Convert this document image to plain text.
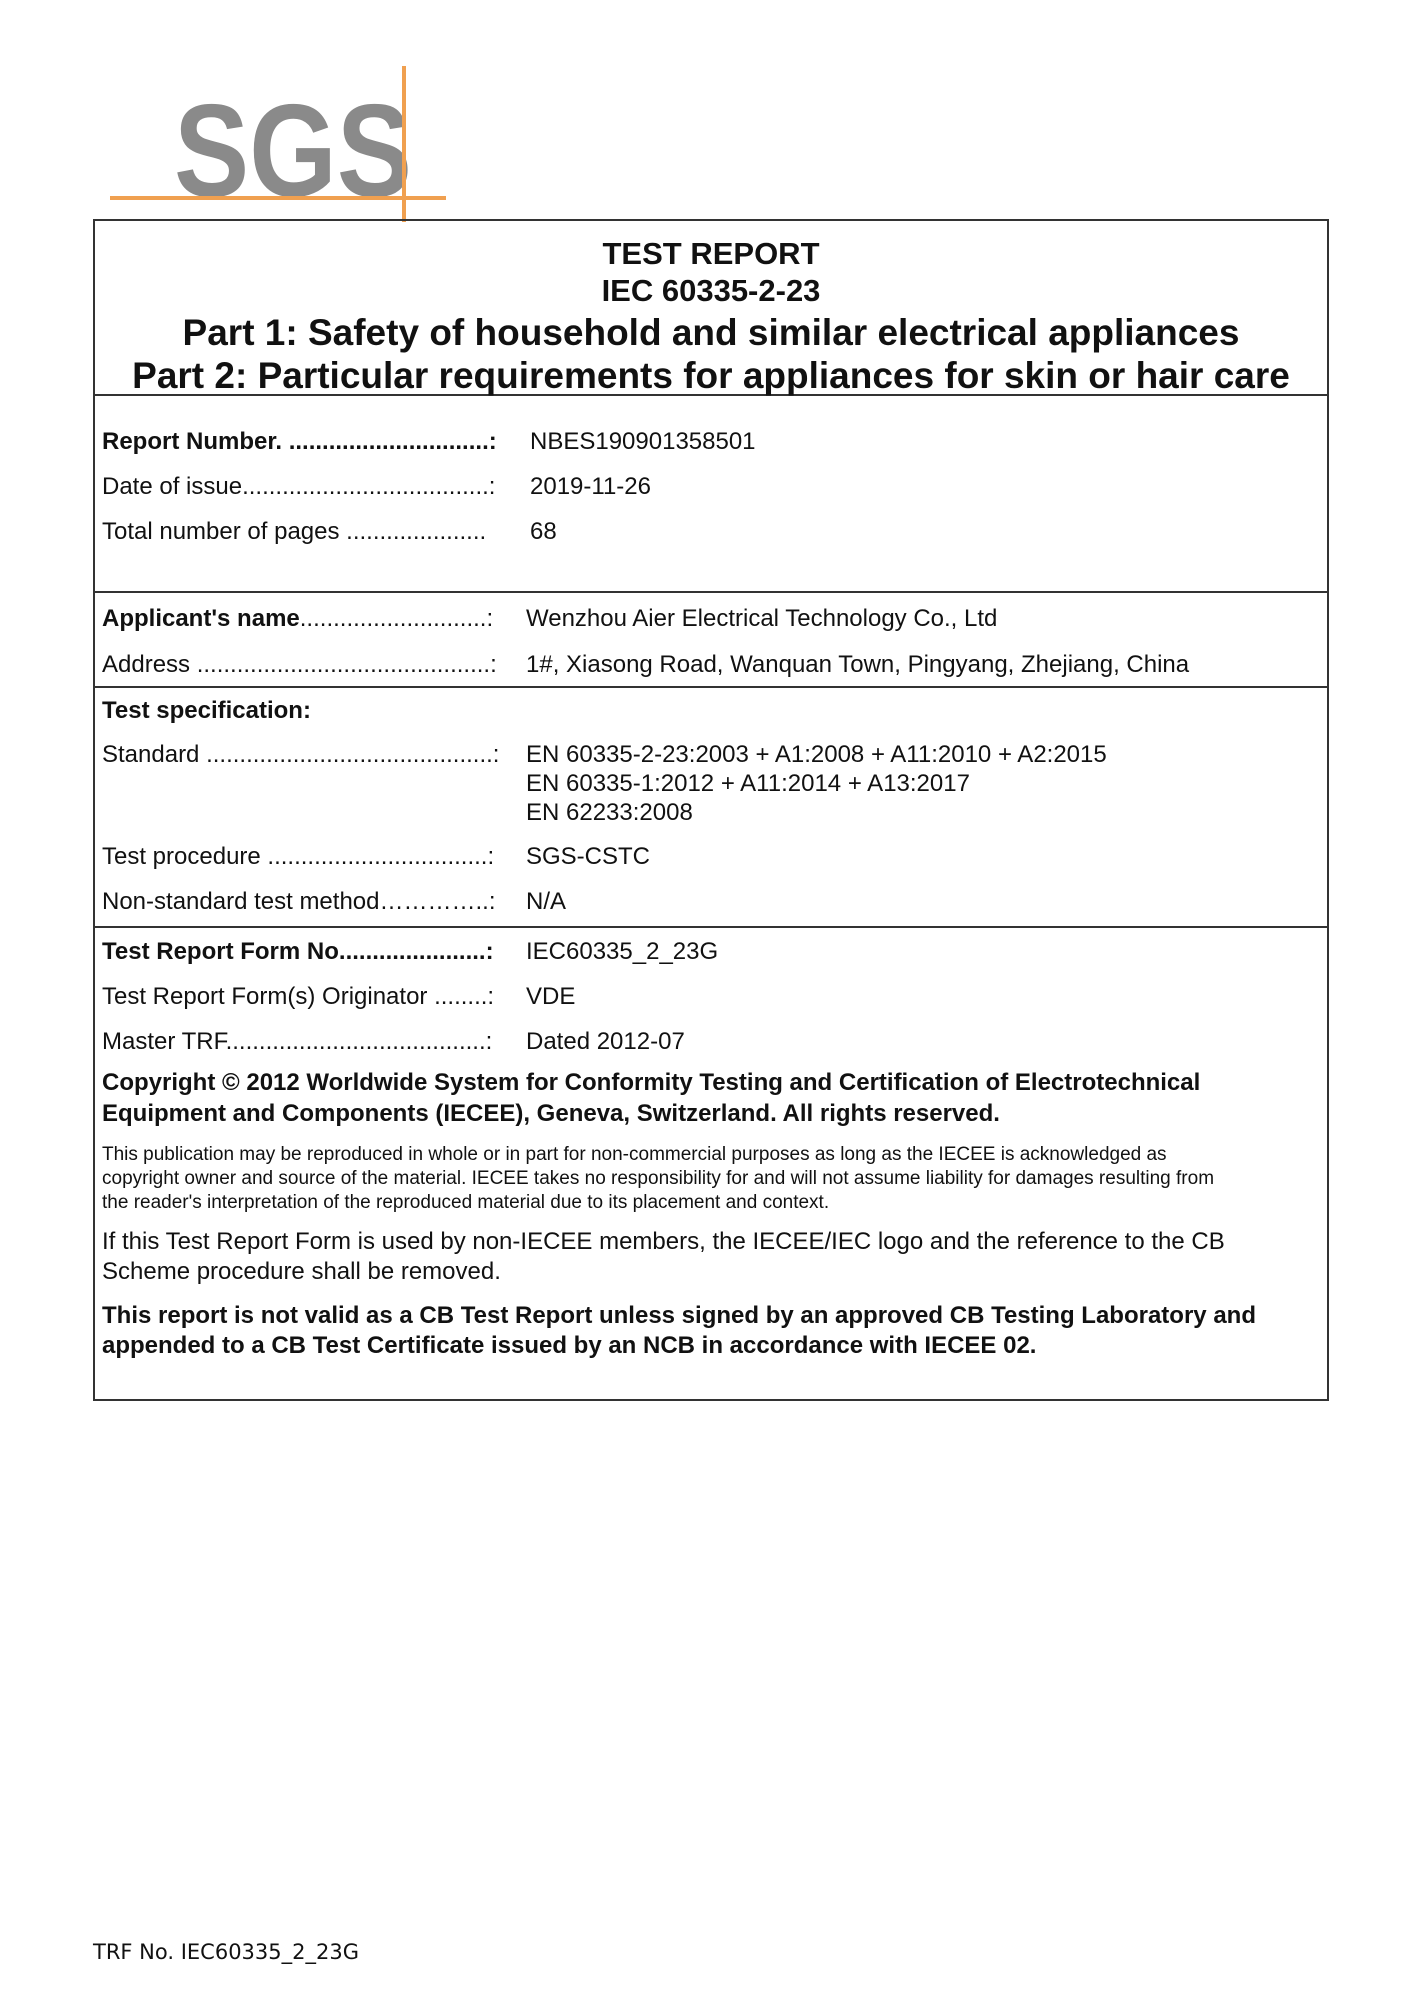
SGS
TEST REPORT
IEC 60335-2-23
Part 1: Safety of household and similar electrical appliances
Part 2: Particular requirements for appliances for skin or hair care
Report Number. ..............................:	NBES190901358501
Date of issue.....................................:	2019-11-26
Total number of pages .....................	68
Applicant's name............................:	Wenzhou Aier Electrical Technology Co., Ltd
Address ............................................:	1#, Xiasong Road, Wanquan Town, Pingyang, Zhejiang, China
Test specification:
Standard ...........................................:	EN 60335-2-23:2003 + A1:2008 + A11:2010 + A2:2015
EN 60335-1:2012 + A11:2014 + A13:2017
EN 62233:2008
Test procedure .................................:	SGS-CSTC
Non-standard test method…………..:	N/A
Test Report Form No......................:	IEC60335_2_23G
Test Report Form(s) Originator ........:	VDE
Master TRF.......................................:	Dated 2012-07
Copyright © 2012 Worldwide System for Conformity Testing and Certification of Electrotechnical
Equipment and Components (IECEE), Geneva, Switzerland. All rights reserved.
This publication may be reproduced in whole or in part for non-commercial purposes as long as the IECEE is acknowledged as
copyright owner and source of the material. IECEE takes no responsibility for and will not assume liability for damages resulting from
the reader's interpretation of the reproduced material due to its placement and context.
If this Test Report Form is used by non-IECEE members, the IECEE/IEC logo and the reference to the CB
Scheme procedure shall be removed.
This report is not valid as a CB Test Report unless signed by an approved CB Testing Laboratory and
appended to a CB Test Certificate issued by an NCB in accordance with IECEE 02.
TRF No. IEC60335_2_23G
